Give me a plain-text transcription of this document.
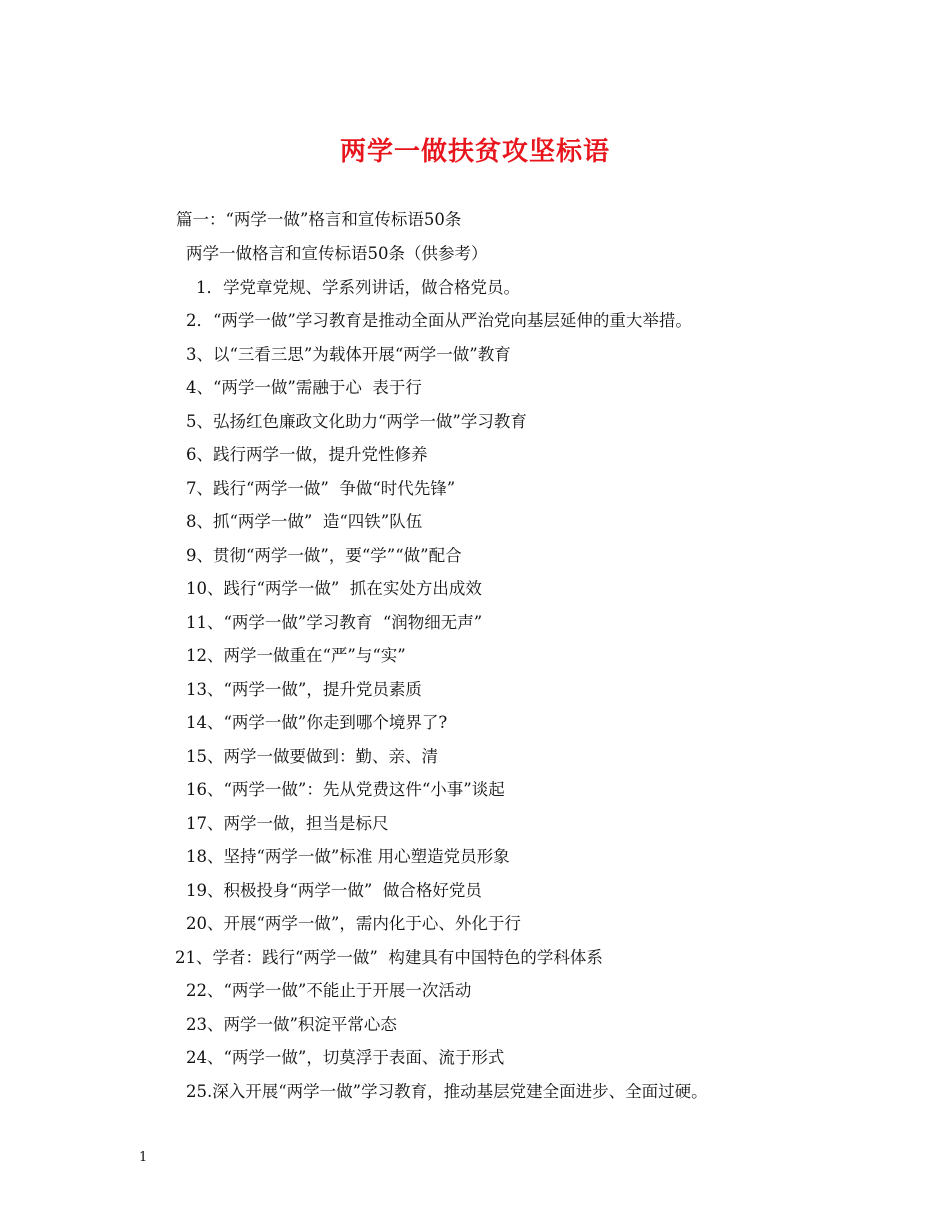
两学一做扶贫攻坚标语
篇一：“两学一做”格言和宣传标语50条
两学一做格言和宣传标语50条（供参考）
1．学党章党规、学系列讲话，做合格党员。
2．“两学一做”学习教育是推动全面从严治党向基层延伸的重大举措。
3、以“三看三思”为载体开展“两学一做”教育
4、“两学一做”需融于心  表于行
5、弘扬红色廉政文化助力“两学一做”学习教育
6、践行两学一做，提升党性修养
7、践行“两学一做”  争做“时代先锋”
8、抓“两学一做”  造“四铁”队伍
9、贯彻“两学一做”，要“学”“做”配合
10、践行“两学一做”  抓在实处方出成效
11、“两学一做”学习教育  “润物细无声”
12、两学一做重在“严”与“实”
13、“两学一做”，提升党员素质
14、“两学一做”你走到哪个境界了?
15、两学一做要做到：勤、亲、清
16、“两学一做”：先从党费这件“小事”谈起
17、两学一做，担当是标尺
18、坚持“两学一做”标准 用心塑造党员形象
19、积极投身“两学一做”  做合格好党员
20、开展“两学一做”，需内化于心、外化于行
21、学者：践行“两学一做”  构建具有中国特色的学科体系
22、“两学一做”不能止于开展一次活动
23、两学一做”积淀平常心态
24、“两学一做”，切莫浮于表面、流于形式
25.深入开展“两学一做”学习教育，推动基层党建全面进步、全面过硬。
1
